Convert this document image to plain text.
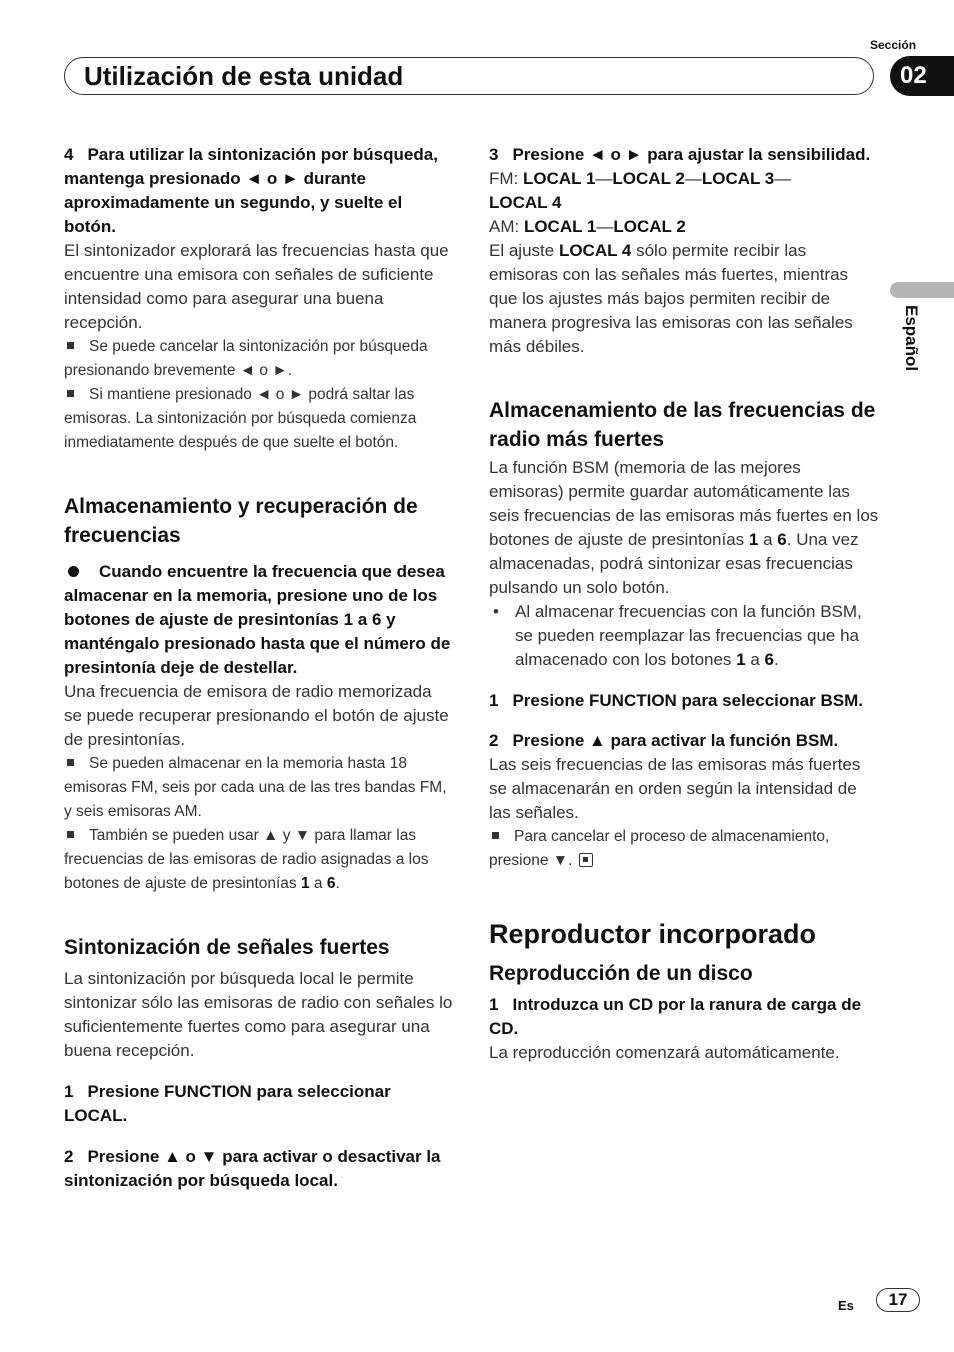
Utilización de esta unidad
Sección
02
Español

4 Para utilizar la sintonización por búsqueda, mantenga presionado ◄ o ► durante aproximadamente un segundo, y suelte el botón.

El sintonizador explorará las frecuencias hasta que encuentre una emisora con señales de suficiente intensidad como para asegurar una buena recepción.

Se puede cancelar la sintonización por búsqueda presionando brevemente ◄ o ►.

Si mantiene presionado ◄ o ► podrá saltar las emisoras. La sintonización por búsqueda comienza inmediatamente después de que suelte el botón.

Almacenamiento y recuperación de frecuencias

Cuando encuentre la frecuencia que desea almacenar en la memoria, presione uno de los botones de ajuste de presintonías 1 a 6 y manténgalo presionado hasta que el número de presintonía deje de destellar.

Una frecuencia de emisora de radio memorizada se puede recuperar presionando el botón de ajuste de presintonías.

Se pueden almacenar en la memoria hasta 18 emisoras FM, seis por cada una de las tres bandas FM, y seis emisoras AM.

También se pueden usar ▲ y ▼ para llamar las frecuencias de las emisoras de radio asignadas a los botones de ajuste de presintonías 1 a 6.

Sintonización de señales fuertes

La sintonización por búsqueda local le permite sintonizar sólo las emisoras de radio con señales lo suficientemente fuertes como para asegurar una buena recepción.

1 Presione FUNCTION para seleccionar LOCAL.

2 Presione ▲ o ▼ para activar o desactivar la sintonización por búsqueda local.

3 Presione ◄ o ► para ajustar la sensibilidad.

FM: LOCAL 1—LOCAL 2—LOCAL 3—
LOCAL 4

AM: LOCAL 1—LOCAL 2

El ajuste LOCAL 4 sólo permite recibir las emisoras con las señales más fuertes, mientras que los ajustes más bajos permiten recibir de manera progresiva las emisoras con las señales más débiles.

Almacenamiento de las frecuencias de radio más fuertes

La función BSM (memoria de las mejores emisoras) permite guardar automáticamente las seis frecuencias de las emisoras más fuertes en los botones de ajuste de presintonías 1 a 6. Una vez almacenadas, podrá sintonizar esas frecuencias pulsando un solo botón.

• Al almacenar frecuencias con la función BSM, se pueden reemplazar las frecuencias que ha almacenado con los botones 1 a 6.

1 Presione FUNCTION para seleccionar BSM.

2 Presione ▲ para activar la función BSM.

Las seis frecuencias de las emisoras más fuertes se almacenarán en orden según la intensidad de las señales.

Para cancelar el proceso de almacenamiento, presione ▼.

Reproductor incorporado

Reproducción de un disco

1 Introduzca un CD por la ranura de carga de CD.

La reproducción comenzará automáticamente.

Es	17
